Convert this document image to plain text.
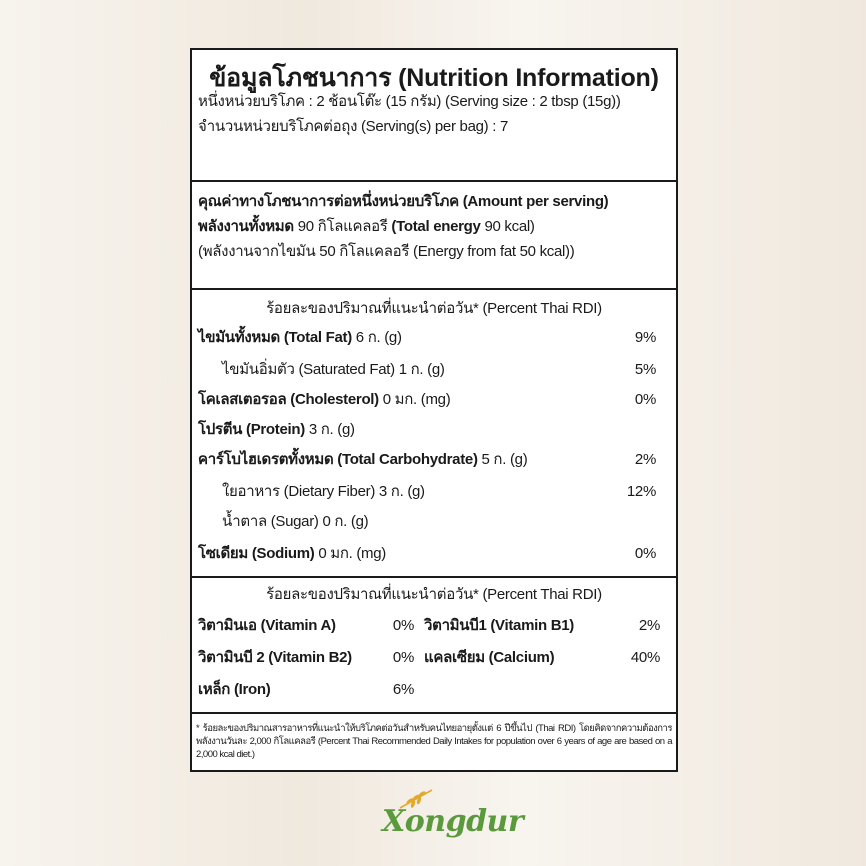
ข้อมูลโภชนาการ (Nutrition Information)
หนึ่งหน่วยบริโภค : 2 ช้อนโต๊ะ (15 กรัม) (Serving size : 2 tbsp (15g))
จำนวนหน่วยบริโภคต่อถุง (Serving(s) per bag) : 7
คุณค่าทางโภชนาการต่อหนึ่งหน่วยบริโภค (Amount per serving)
พลังงานทั้งหมด 90 กิโลแคลอรี (Total energy 90 kcal)
(พลังงานจากไขมัน 50 กิโลแคลอรี (Energy from fat 50 kcal))
ร้อยละของปริมาณที่แนะนำต่อวัน* (Percent Thai RDI)
ไขมันทั้งหมด (Total Fat) 6 ก. (g)	9%
ไขมันอิ่มตัว (Saturated Fat) 1 ก. (g)	5%
โคเลสเตอรอล (Cholesterol) 0 มก. (mg)	0%
โปรตีน (Protein) 3 ก. (g)
คาร์โบไฮเดรตทั้งหมด (Total Carbohydrate) 5 ก. (g)	2%
ใยอาหาร (Dietary Fiber) 3 ก. (g)	12%
น้ำตาล (Sugar) 0 ก. (g)
โซเดียม (Sodium) 0 มก. (mg)	0%
ร้อยละของปริมาณที่แนะนำต่อวัน* (Percent Thai RDI)
วิตามินเอ (Vitamin A)	0% วิตามินบี1 (Vitamin B1)	2%
วิตามินบี 2 (Vitamin B2)	0% แคลเซียม (Calcium)	40%
เหล็ก (Iron)	6%
* ร้อยละของปริมาณสารอาหารที่แนะนำให้บริโภคต่อวันสำหรับคนไทยอายุตั้งแต่ 6 ปีขึ้นไป (Thai RDI) โดยคิดจากความต้องการพลังงานวันละ 2,000 กิโลแคลอรี (Percent Thai Recommended Daily Intakes for population over 6 years of age are based on a 2,000 kcal diet.)
Xongdur
